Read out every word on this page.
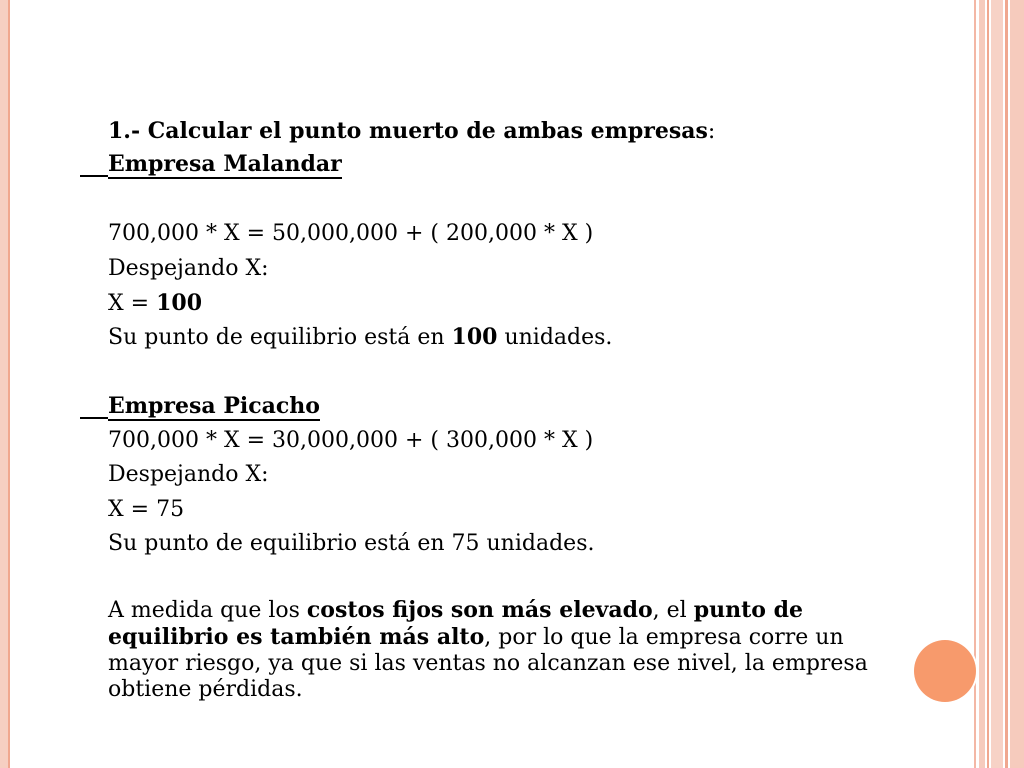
1.- Calcular el punto muerto de ambas empresas:
Empresa Malandar
700,000 * X = 50,000,000 + ( 200,000 * X )
Despejando X:
X = 100
Su punto de equilibrio está en 100 unidades.
Empresa Picacho
700,000 * X = 30,000,000 + ( 300,000 * X )
Despejando X:
X = 75
Su punto de equilibrio está en 75 unidades.
A medida que los costos fijos son más elevado, el punto de equilibrio es también más alto, por lo que la empresa corre un mayor riesgo, ya que si las ventas no alcanzan ese nivel, la empresa obtiene pérdidas.
